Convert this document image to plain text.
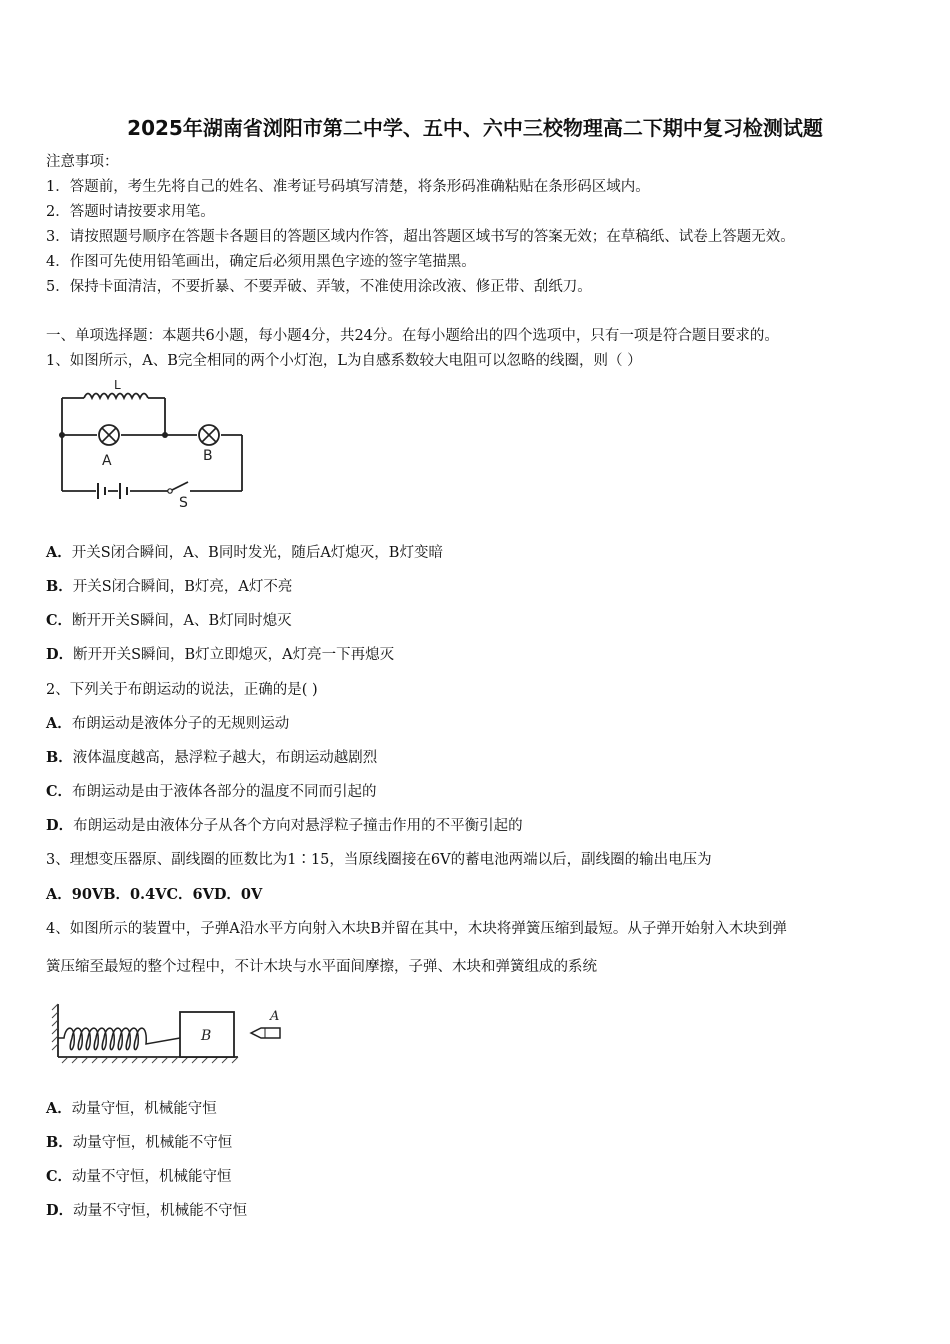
2025年湖南省浏阳市第二中学、五中、六中三校物理高二下期中复习检测试题
注意事项：
1．答题前，考生先将自己的姓名、准考证号码填写清楚，将条形码准确粘贴在条形码区域内。
2．答题时请按要求用笔。
3．请按照题号顺序在答题卡各题目的答题区域内作答，超出答题区域书写的答案无效；在草稿纸、试卷上答题无效。
4．作图可先使用铅笔画出，确定后必须用黑色字迹的签字笔描黑。
5．保持卡面清洁，不要折暴、不要弄破、弄皱，不准使用涂改液、修正带、刮纸刀。
一、单项选择题：本题共6小题，每小题4分，共24分。在每小题给出的四个选项中，只有一项是符合题目要求的。
1、如图所示，A、B完全相同的两个小灯泡，L为自感系数较大电阻可以忽略的线圈，则（ ）
L
A	B
S
A．开关S闭合瞬间，A、B同时发光，随后A灯熄灭，B灯变暗
B．开关S闭合瞬间，B灯亮，A灯不亮
C．断开开关S瞬间，A、B灯同时熄灭
D．断开开关S瞬间，B灯立即熄灭，A灯亮一下再熄灭
2、下列关于布朗运动的说法，正确的是( )
A．布朗运动是液体分子的无规则运动
B．液体温度越高，悬浮粒子越大，布朗运动越剧烈
C．布朗运动是由于液体各部分的温度不同而引起的
D．布朗运动是由液体分子从各个方向对悬浮粒子撞击作用的不平衡引起的
3、理想变压器原、副线圈的匝数比为1∶15，当原线圈接在6V的蓄电池两端以后，副线圈的输出电压为
A．90VB．0.4VC．6VD．0V
4、如图所示的装置中，子弹A沿水平方向射入木块B并留在其中，木块将弹簧压缩到最短。从子弹开始射入木块到弹
簧压缩至最短的整个过程中，不计木块与水平面间摩擦，子弹、木块和弹簧组成的系统
B
A
A．动量守恒，机械能守恒
B．动量守恒，机械能不守恒
C．动量不守恒，机械能守恒
D．动量不守恒，机械能不守恒
